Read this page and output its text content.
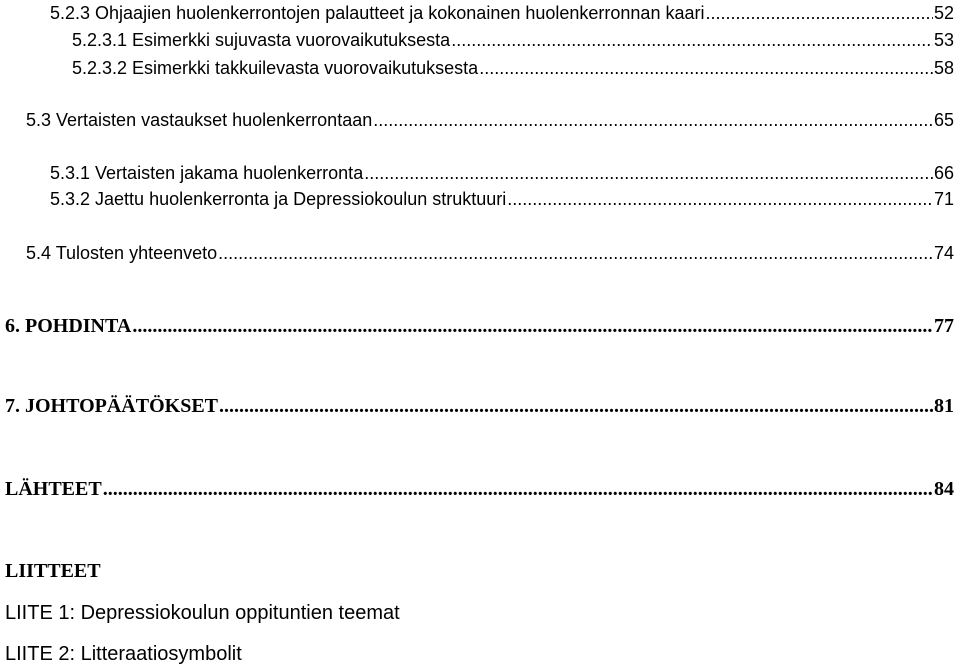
5.2.3 Ohjaajien huolenkerrontojen palautteet ja kokonainen huolenkerronnan kaari .....	52
5.2.3.1 Esimerkki sujuvasta vuorovaikutuksesta .....	53
5.2.3.2 Esimerkki takkuilevasta vuorovaikutuksesta .....	58
5.3 Vertaisten vastaukset huolenkerrontaan .....	65
5.3.1 Vertaisten jakama huolenkerronta .....	66
5.3.2 Jaettu huolenkerronta ja Depressiokoulun struktuuri .....	71
5.4 Tulosten yhteenveto .....	74
6. POHDINTA .....	77
7. JOHTOPÄÄTÖKSET .....	81
LÄHTEET .....	84
LIITTEET
LIITE 1: Depressiokoulun oppituntien teemat
LIITE 2: Litteraatiosymbolit
